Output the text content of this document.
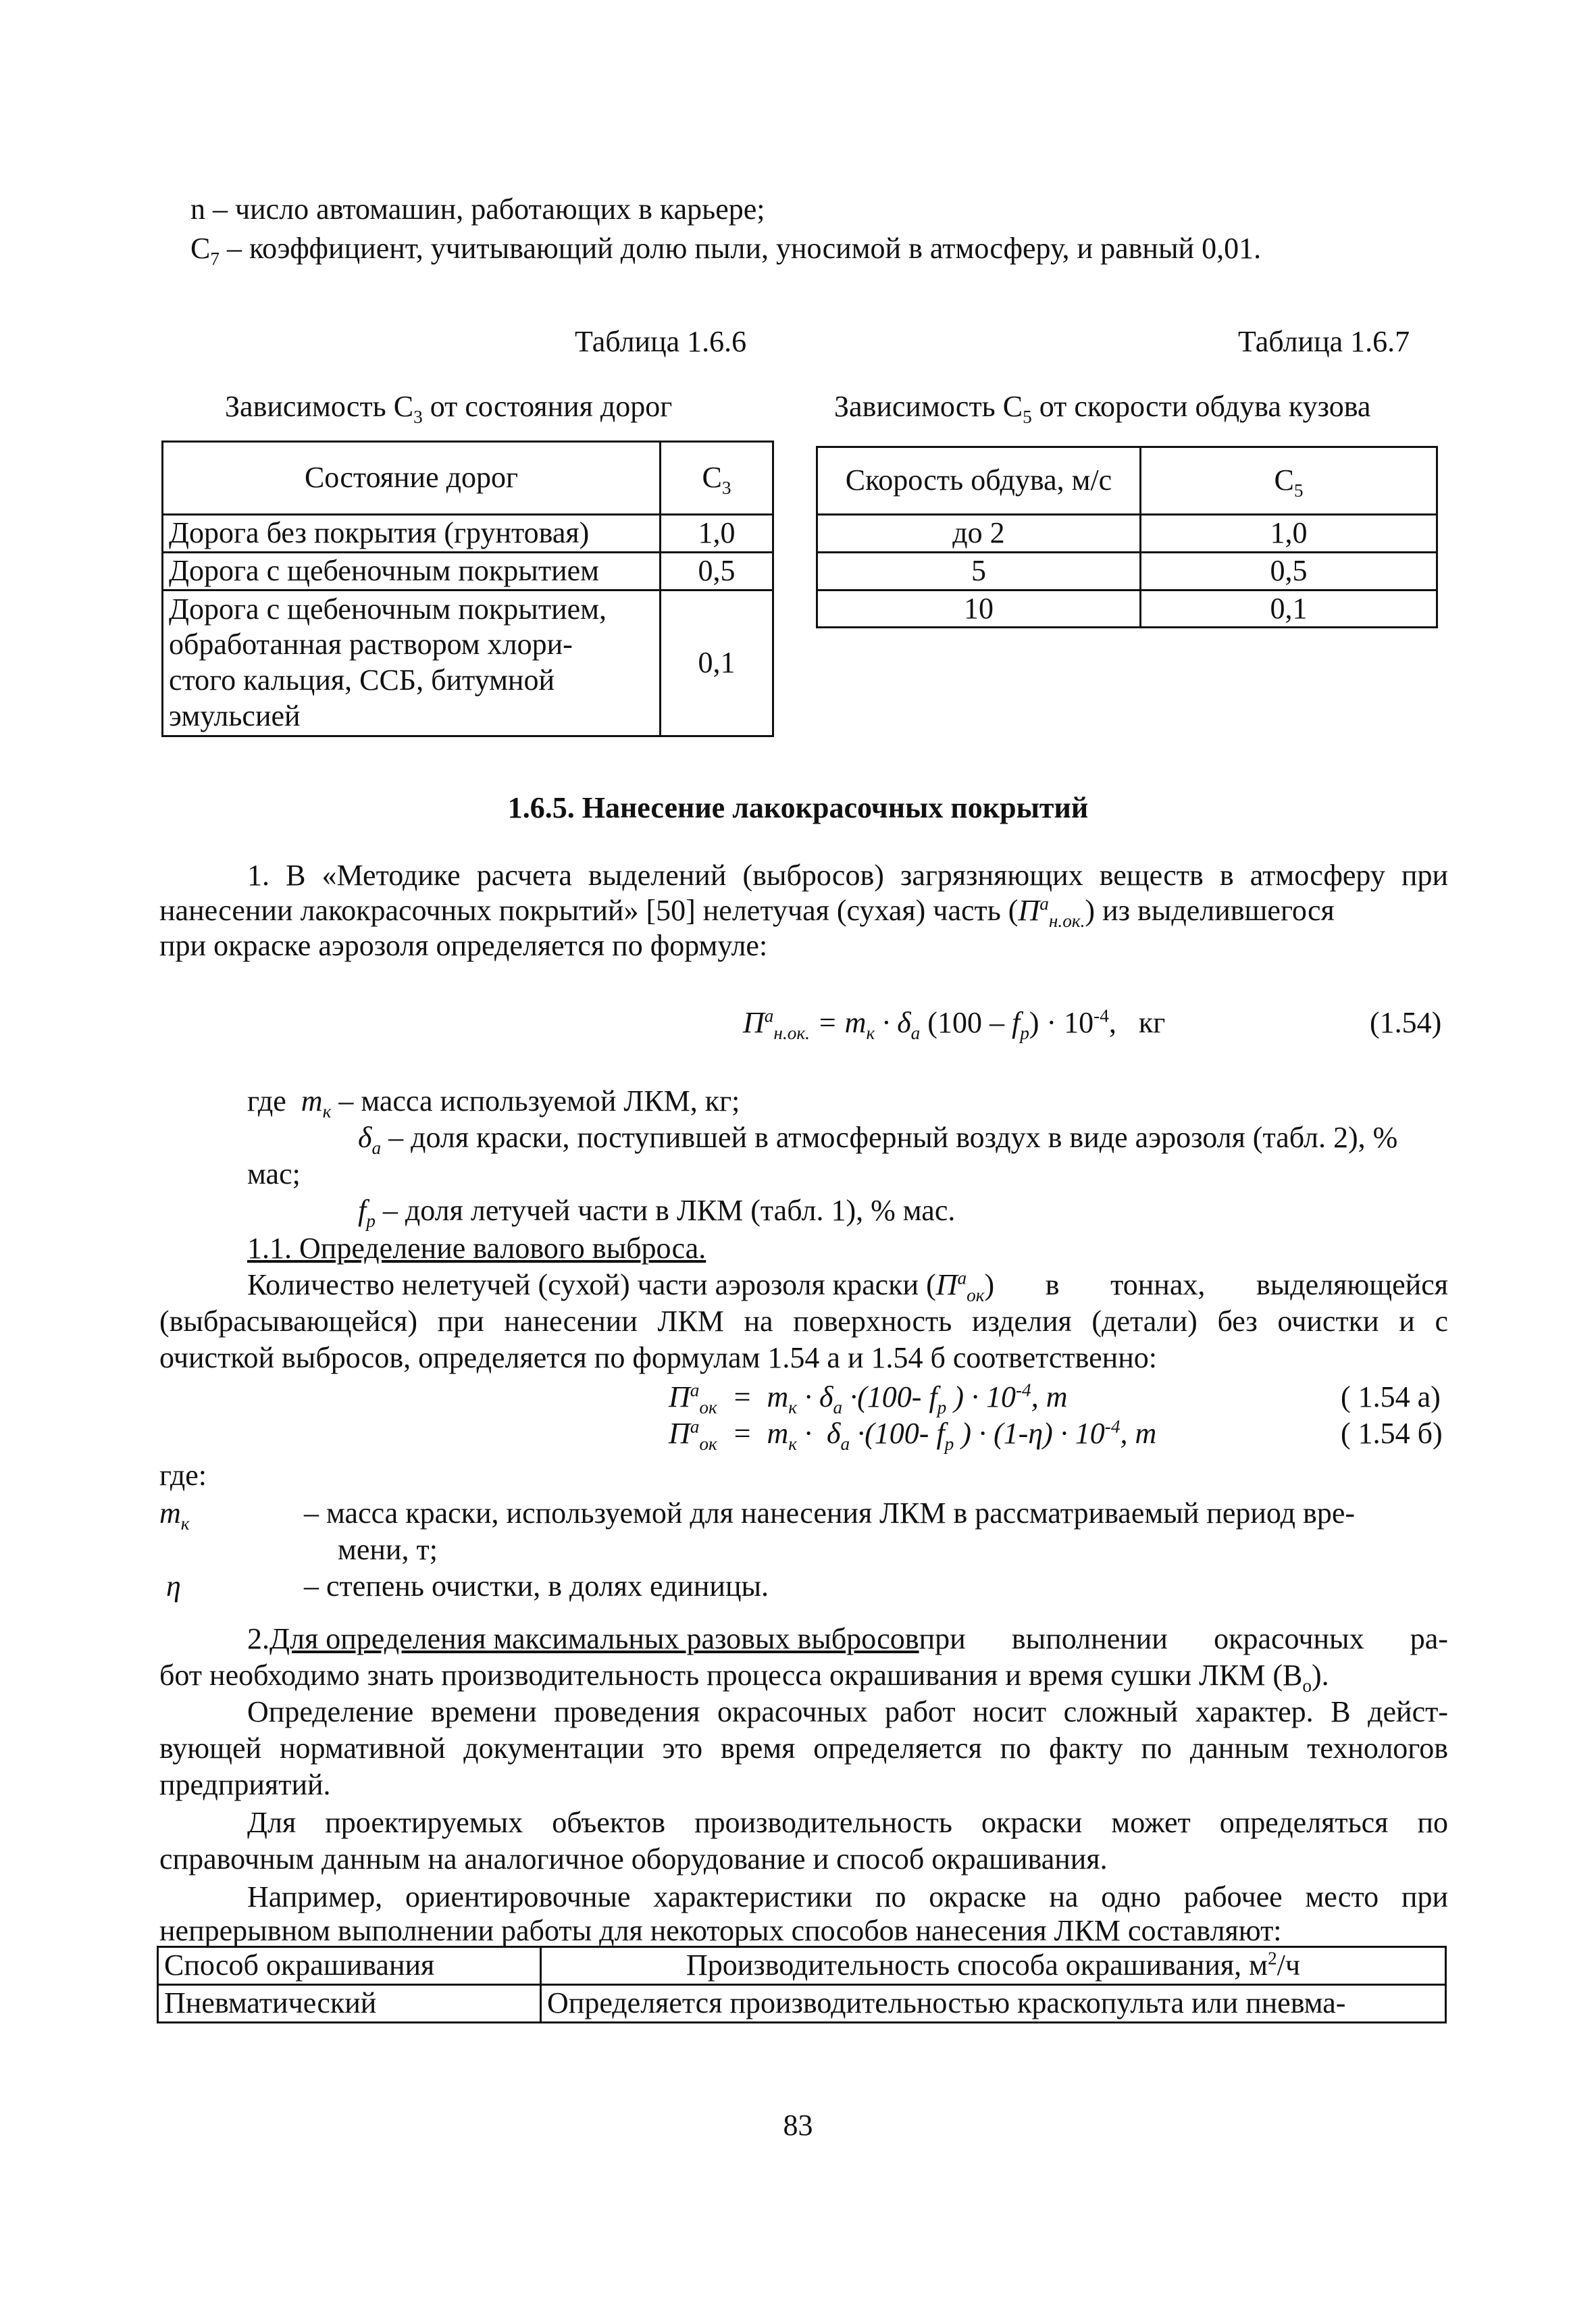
n – число автомашин, работающих в карьере;
$C_7$ – коэффициент, учитывающий долю пыли, уносимой в атмосферу, и равный 0,01.
Таблица 1.6.6
Зависимость $C_3$ от состояния дорог
Таблица 1.6.7
Зависимость $C_5$ от скорости обдува кузова
Состояние дорог	$C_3$
Дорога без покрытия (грунтовая)	1,0
Дорога с щебеночным покрытием	0,5

Дорога с щебеночным покрытием,
обработанная раствором хлори-
стого кальция, ССБ, битумной
эмульсией	0,1
Скорость обдува, м/с	$C_5$
до 2	1,0
5	0,5
10	0,1
1.6.5. Нанесение лакокрасочных покрытий
1. В «Методике расчета выделений (выбросов) загрязняющих веществ в атмосферу при
нанесении лакокрасочных покрытий» [50] нелетучая (сухая) часть $(П^a_{н.ок.})$ из выделившегося
при окраске аэрозоля определяется по формуле:
$П^a_{н.ок.} = m_к \cdot \delta_a$ $(100 - f_p) \cdot 10^{-4}$,   кг	(1.54)
где $m_к$ – масса используемой ЛКМ, кг;
$\delta_a$ – доля краски, поступившей в атмосферный воздух в виде аэрозоля (табл. 2), %
мас;
$f_p$ – доля летучей части в ЛКМ (табл. 1), % мас.
1.1. Определение валового выброса.
Количество нелетучей (сухой) части аэрозоля краски ( $П^a_{ок}$ ) в тоннах, выделяющейся
(выбрасывающейся) при нанесении ЛКМ на поверхность изделия (детали) без очистки и с
очисткой выбросов, определяется по формулам 1.54 а и 1.54 б соответственно:
$П^a_{ок} = m_к \cdot \delta_a \cdot(100-$ $f_p$ ) · $10^{-4}$, m	( 1.54 а)
$П^a_{ок} = m_к \cdot \delta_a \cdot(100-$ $f_p$ ) · $(1-\eta) \cdot 10^{-4}$, m	( 1.54 б)
где:
$m_к$	– масса краски, используемой для нанесения ЛКМ в рассматриваемый период вре-
мени, т;
η	– степень очистки, в долях единицы.
2. Для определения максимальных разовых выбросов при выполнении окрасочных ра-
бот необходимо знать производительность процесса окрашивания и время сушки ЛКМ $(В_о)$.
Определение времени проведения окрасочных работ носит сложный характер. В дейст-
вующей нормативной документации это время определяется по факту по данным технологов
предприятий.
Для проектируемых объектов производительность окраски может определяться по
справочным данным на аналогичное оборудование и способ окрашивания.
Например, ориентировочные характеристики по окраске на одно рабочее место при
непрерывном выполнении работы для некоторых способов нанесения ЛКМ составляют:
Способ окрашивания	Производительность способа окрашивания, $м^2/ч$
Пневматический	Определяется производительностью краскопульта или пневма-
83
